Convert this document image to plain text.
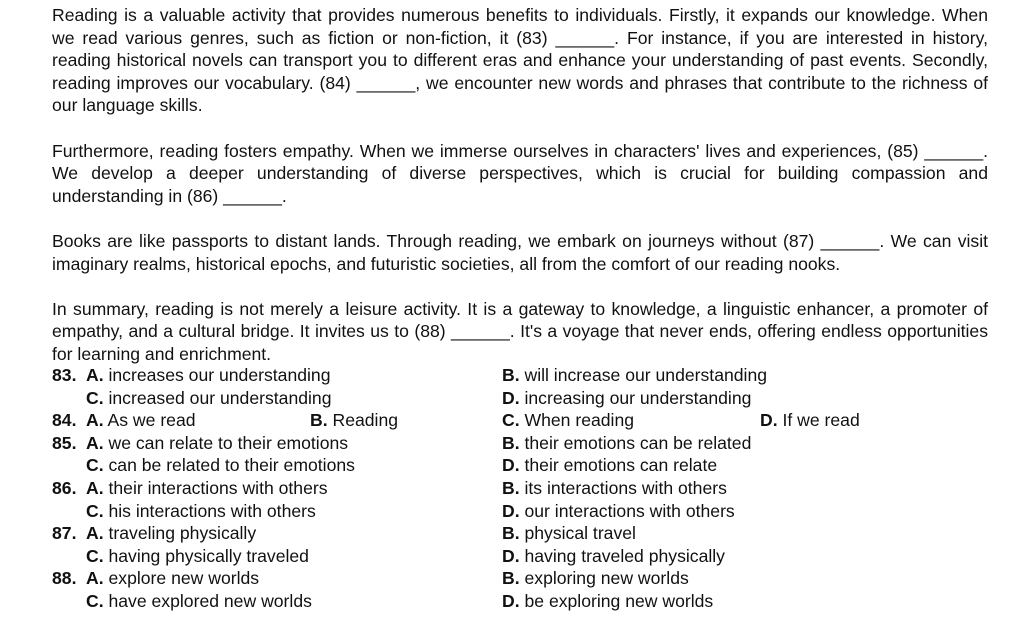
Reading is a valuable activity that provides numerous benefits to individuals. Firstly, it expands our knowledge. When we read various genres, such as fiction or non-fiction, it (83) ______. For instance, if you are interested in history, reading historical novels can transport you to different eras and enhance your understanding of past events. Secondly, reading improves our vocabulary. (84) ______, we encounter new words and phrases that contribute to the richness of our language skills.

Furthermore, reading fosters empathy. When we immerse ourselves in characters' lives and experiences, (85) ______. We develop a deeper understanding of diverse perspectives, which is crucial for building compassion and understanding in (86) ______.

Books are like passports to distant lands. Through reading, we embark on journeys without (87) ______. We can visit imaginary realms, historical epochs, and futuristic societies, all from the comfort of our reading nooks.

In summary, reading is not merely a leisure activity. It is a gateway to knowledge, a linguistic enhancer, a promoter of empathy, and a cultural bridge. It invites us to (88) ______. It's a voyage that never ends, offering endless opportunities for learning and enrichment.

83. A. increases our understanding	B. will increase our understanding
C. increased our understanding	D. increasing our understanding
84. A. As we read	B. Reading	C. When reading	D. If we read
85. A. we can relate to their emotions	B. their emotions can be related
C. can be related to their emotions	D. their emotions can relate
86. A. their interactions with others	B. its interactions with others
C. his interactions with others	D. our interactions with others
87. A. traveling physically	B. physical travel
C. having physically traveled	D. having traveled physically
88. A. explore new worlds	B. exploring new worlds
C. have explored new worlds	D. be exploring new worlds
